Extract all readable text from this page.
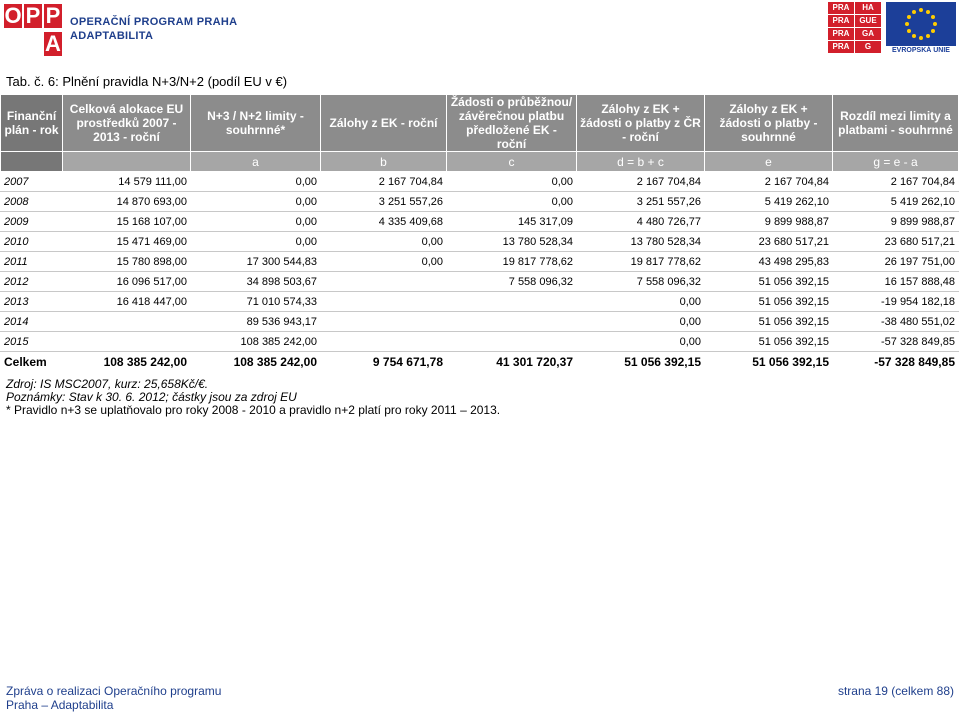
O P P
A
OPERAČNÍ PROGRAM PRAHA
ADAPTABILITA
PRA	HA
PRA	GUE
PRA	GA
PRA	G	EVROPSKÁ UNIE
Tab. č. 6: Plnění pravidla N+3/N+2 (podíl EU v €)
Finanční plán - rok	Celková alokace EU prostředků 2007 - 2013 - roční	N+3 / N+2 limity - souhrnné*	Zálohy z EK - roční	Žádosti o průběžnou/ závěrečnou platbu předložené EK - roční	Zálohy z EK + žádosti o platby z ČR - roční	Zálohy z EK + žádosti o platby - souhrnné	Rozdíl mezi limity a platbami - souhrnné
		a	b	c	d = b + c	e	g = e - a
2007	14 579 111,00	0,00	2 167 704,84	0,00	2 167 704,84	2 167 704,84	2 167 704,84
2008	14 870 693,00	0,00	3 251 557,26	0,00	3 251 557,26	5 419 262,10	5 419 262,10
2009	15 168 107,00	0,00	4 335 409,68	145 317,09	4 480 726,77	9 899 988,87	9 899 988,87
2010	15 471 469,00	0,00	0,00	13 780 528,34	13 780 528,34	23 680 517,21	23 680 517,21
2011	15 780 898,00	17 300 544,83	0,00	19 817 778,62	19 817 778,62	43 498 295,83	26 197 751,00
2012	16 096 517,00	34 898 503,67		7 558 096,32	7 558 096,32	51 056 392,15	16 157 888,48
2013	16 418 447,00	71 010 574,33			0,00	51 056 392,15	-19 954 182,18
2014		89 536 943,17			0,00	51 056 392,15	-38 480 551,02
2015		108 385 242,00			0,00	51 056 392,15	-57 328 849,85
Celkem	108 385 242,00	108 385 242,00	9 754 671,78	41 301 720,37	51 056 392,15	51 056 392,15	-57 328 849,85
Zdroj: IS MSC2007, kurz: 25,658Kč/€.
Poznámky: Stav k 30. 6. 2012; částky jsou za zdroj EU
* Pravidlo n+3 se uplatňovalo pro roky 2008 - 2010 a pravidlo n+2 platí pro roky 2011 – 2013.
Zpráva o realizaci Operačního programu
Praha – Adaptabilita
strana 19 (celkem 88)
